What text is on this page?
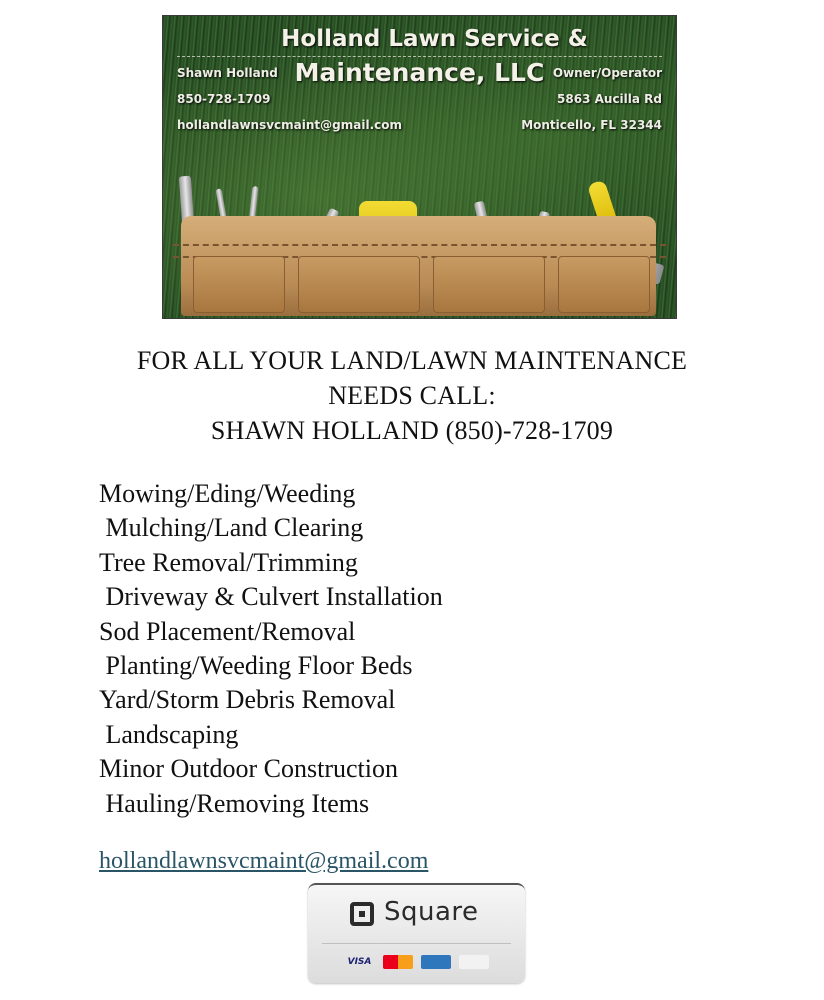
Holland Lawn Service &
Maintenance, LLC
Shawn Holland
850-728-1709
hollandlawnsvcmaint@gmail.com
Owner/Operator
5863 Aucilla Rd
Monticello, FL 32344
FOR ALL YOUR LAND/LAWN MAINTENANCE
NEEDS CALL:
SHAWN HOLLAND (850)-728-1709
Mowing/Eding/Weeding
Mulching/Land Clearing
Tree Removal/Trimming
Driveway & Culvert Installation
Sod Placement/Removal
Planting/Weeding Floor Beds
Yard/Storm Debris Removal
Landscaping
Minor Outdoor Construction
Hauling/Removing Items
hollandlawnsvcmaint@gmail.com
Square
VISA
